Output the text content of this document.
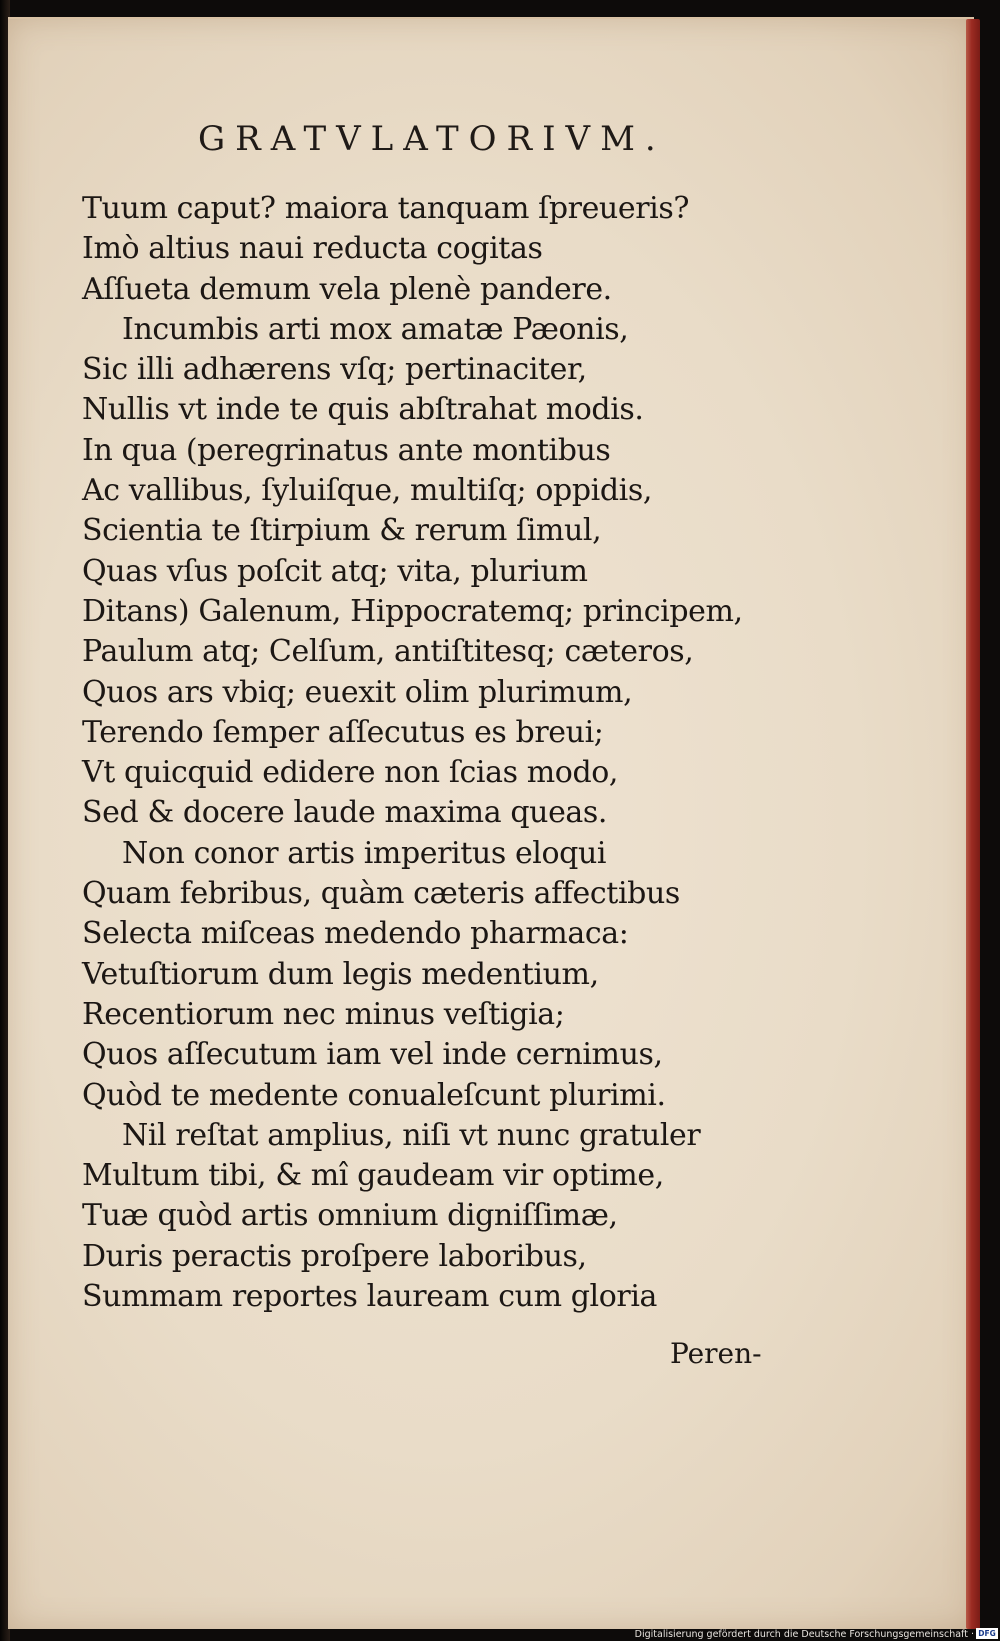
GRATVLATORIVM.
Tuum caput? maiora tanquam ſpreueris?
Imò altius naui reducta cogitas
Aſſueta demum vela plenè pandere.
Incumbis arti mox amatæ Pæonis,
Sic illi adhærens vſq; pertinaciter,
Nullis vt inde te quis abſtrahat modis.
In qua (peregrinatus ante montibus
Ac vallibus, ſyluiſque, multiſq; oppidis,
Scientia te ſtirpium & rerum ſimul,
Quas vſus poſcit atq; vita, plurium
Ditans) Galenum, Hippocratemq; principem,
Paulum atq; Celſum, antiſtitesq; cæteros,
Quos ars vbiq; euexit olim plurimum,
Terendo ſemper aſſecutus es breui;
Vt quicquid edidere non ſcias modo,
Sed & docere laude maxima queas.
Non conor artis imperitus eloqui
Quam febribus, quàm cæteris affectibus
Selecta miſceas medendo pharmaca:
Vetuſtiorum dum legis medentium,
Recentiorum nec minus veſtigia;
Quos aſſecutum iam vel inde cernimus,
Quòd te medente conualeſcunt plurimi.
Nil reſtat amplius, niſi vt nunc gratuler
Multum tibi, & mî gaudeam vir optime,
Tuæ quòd artis omnium digniſſimæ,
Duris peractis proſpere laboribus,
Summam reportes lauream cum gloria
Peren-
Digitalisierung gefördert durch die Deutsche Forschungsgemeinschaft · DFG
